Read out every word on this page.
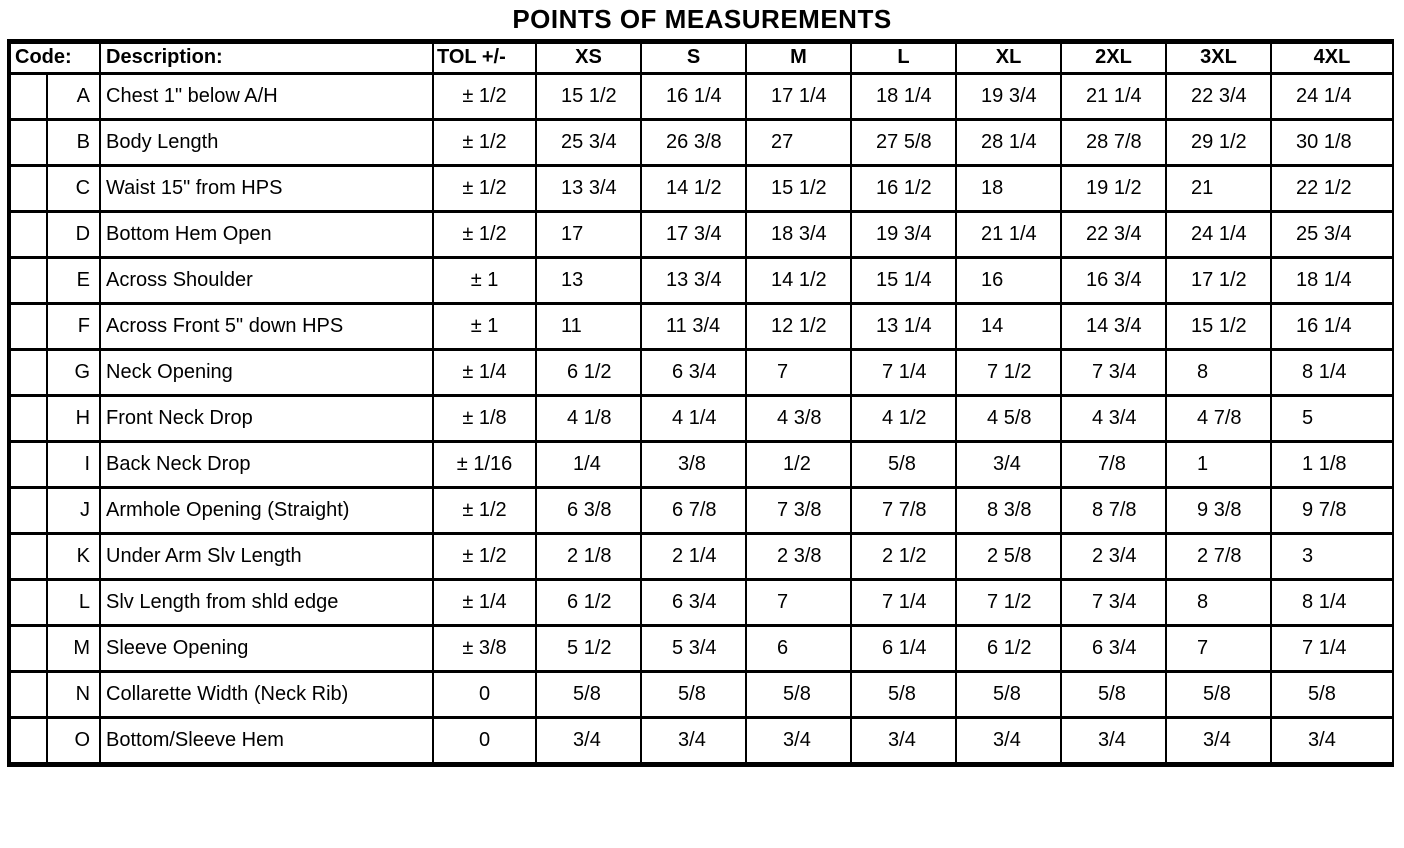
POINTS OF MEASUREMENTS
Code:		Description:	TOL +/-	XS	S	M	L	XL	2XL	3XL	4XL
	A	Chest 1" below A/H	± 1/2	15 1/2	16 1/4	17 1/4	18 1/4	19 3/4	21 1/4	22 3/4	24 1/4
	B	Body Length	± 1/2	25 3/4	26 3/8	27	27 5/8	28 1/4	28 7/8	29 1/2	30 1/8
	C	Waist 15" from HPS	± 1/2	13 3/4	14 1/2	15 1/2	16 1/2	18	19 1/2	21	22 1/2
	D	Bottom Hem Open	± 1/2	17	17 3/4	18 3/4	19 3/4	21 1/4	22 3/4	24 1/4	25 3/4
	E	Across Shoulder	± 1	13	13 3/4	14 1/2	15 1/4	16	16 3/4	17 1/2	18 1/4
	F	Across Front 5" down HPS	± 1	11	11 3/4	12 1/2	13 1/4	14	14 3/4	15 1/2	16 1/4
	G	Neck Opening	± 1/4	6 1/2	6 3/4	7	7 1/4	7 1/2	7 3/4	8	8 1/4
	H	Front Neck Drop	± 1/8	4 1/8	4 1/4	4 3/8	4 1/2	4 5/8	4 3/4	4 7/8	5
	I	Back Neck Drop	± 1/16	1/4	3/8	1/2	5/8	3/4	7/8	1	1 1/8
	J	Armhole Opening (Straight)	± 1/2	6 3/8	6 7/8	7 3/8	7 7/8	8 3/8	8 7/8	9 3/8	9 7/8
	K	Under Arm Slv Length	± 1/2	2 1/8	2 1/4	2 3/8	2 1/2	2 5/8	2 3/4	2 7/8	3
	L	Slv Length from shld edge	± 1/4	6 1/2	6 3/4	7	7 1/4	7 1/2	7 3/4	8	8 1/4
	M	Sleeve Opening	± 3/8	5 1/2	5 3/4	6	6 1/4	6 1/2	6 3/4	7	7 1/4
	N	Collarette Width (Neck Rib)	0	5/8	5/8	5/8	5/8	5/8	5/8	5/8	5/8
	O	Bottom/Sleeve Hem	0	3/4	3/4	3/4	3/4	3/4	3/4	3/4	3/4
